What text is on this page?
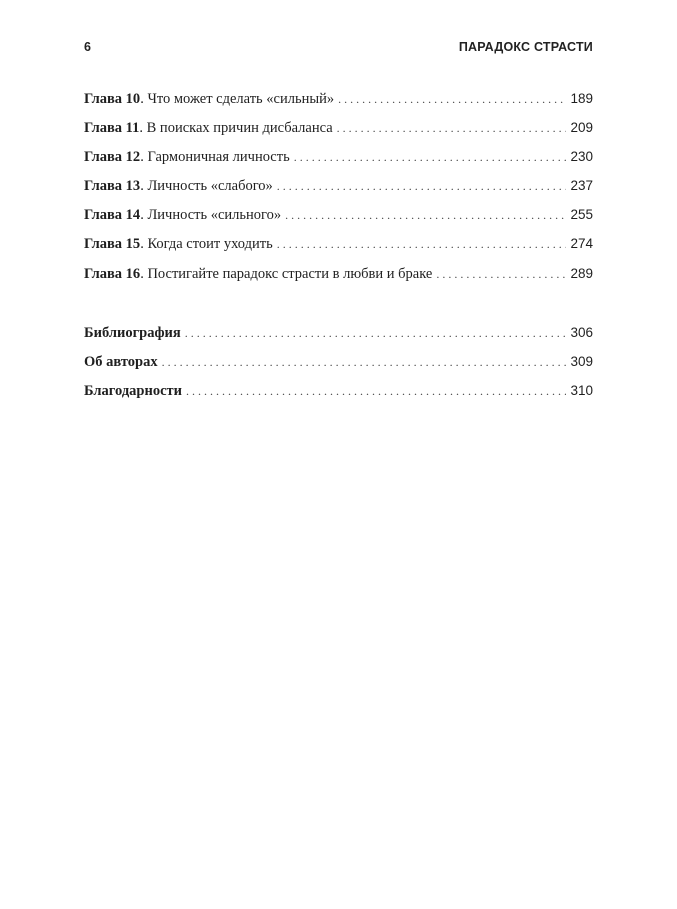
6	ПАРАДОКС СТРАСТИ
Глава 10 . Что может сделать «сильный» . . .	189
Глава 11 . В поисках причин дисбаланса . . .	209
Глава 12 . Гармоничная личность . . .	230
Глава 13 . Личность «слабого» . . .	237
Глава 14 . Личность «сильного» . . .	255
Глава 15 . Когда стоит уходить . . .	274
Глава 16 . Постигайте парадокс страсти в любви и браке . . .	289
Библиография . . .	306
Об авторах . . .	309
Благодарности . . .	310
